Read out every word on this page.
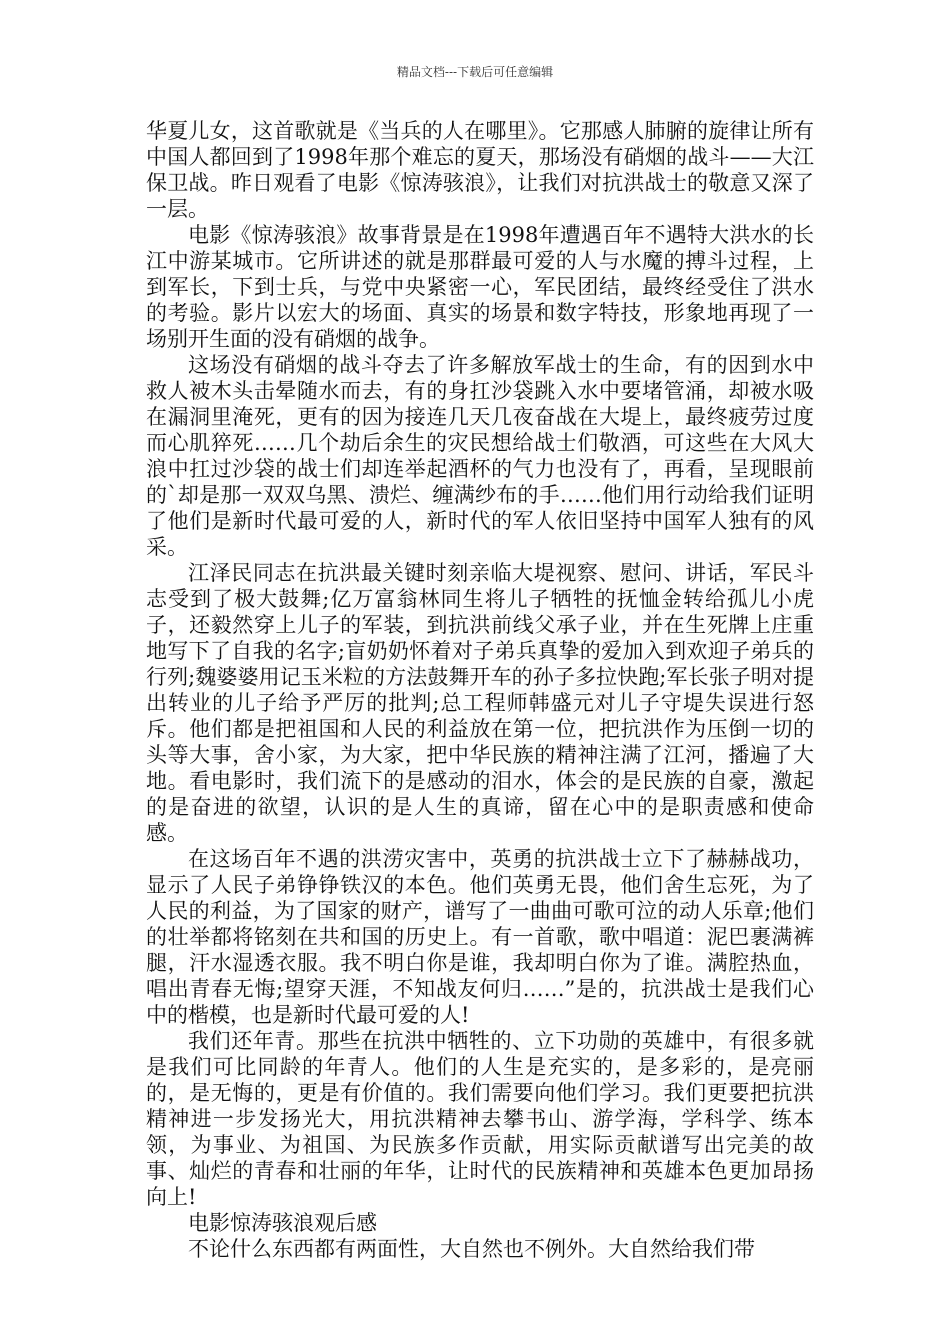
精品文档---下载后可任意编辑

华夏儿女，这首歌就是《当兵的人在哪里》。它那感人肺腑的旋律让所有中国人都回到了1998年那个难忘的夏天，那场没有硝烟的战斗——大江保卫战。昨日观看了电影《惊涛骇浪》，让我们对抗洪战士的敬意又深了一层。

电影《惊涛骇浪》故事背景是在1998年遭遇百年不遇特大洪水的长江中游某城市。它所讲述的就是那群最可爱的人与水魔的搏斗过程，上到军长，下到士兵，与党中央紧密一心，军民团结，最终经受住了洪水的考验。影片以宏大的场面、真实的场景和数字特技，形象地再现了一场别开生面的没有硝烟的战争。

这场没有硝烟的战斗夺去了许多解放军战士的生命，有的因到水中救人被木头击晕随水而去，有的身扛沙袋跳入水中要堵管涌，却被水吸在漏洞里淹死，更有的因为接连几天几夜奋战在大堤上，最终疲劳过度而心肌猝死……几个劫后余生的灾民想给战士们敬酒，可这些在大风大浪中扛过沙袋的战士们却连举起酒杯的气力也没有了，再看，呈现眼前的`却是那一双双乌黑、溃烂、缠满纱布的手……他们用行动给我们证明了他们是新时代最可爱的人，新时代的军人依旧坚持中国军人独有的风采。

江泽民同志在抗洪最关键时刻亲临大堤视察、慰问、讲话，军民斗志受到了极大鼓舞;亿万富翁林同生将儿子牺牲的抚恤金转给孤儿小虎子，还毅然穿上儿子的军装，到抗洪前线父承子业，并在生死牌上庄重地写下了自我的名字;盲奶奶怀着对子弟兵真挚的爱加入到欢迎子弟兵的行列;魏婆婆用记玉米粒的方法鼓舞开车的孙子多拉快跑;军长张子明对提出转业的儿子给予严厉的批判;总工程师韩盛元对儿子守堤失误进行怒斥。他们都是把祖国和人民的利益放在第一位，把抗洪作为压倒一切的头等大事，舍小家，为大家，把中华民族的精神注满了江河，播遍了大地。看电影时，我们流下的是感动的泪水，体会的是民族的自豪，激起的是奋进的欲望，认识的是人生的真谛，留在心中的是职责感和使命感。

在这场百年不遇的洪涝灾害中，英勇的抗洪战士立下了赫赫战功，显示了人民子弟铮铮铁汉的本色。他们英勇无畏，他们舍生忘死，为了人民的利益，为了国家的财产，谱写了一曲曲可歌可泣的动人乐章;他们的壮举都将铭刻在共和国的历史上。有一首歌，歌中唱道：泥巴裹满裤腿，汗水湿透衣服。我不明白你是谁，我却明白你为了谁。满腔热血，唱出青春无悔;望穿天涯，不知战友何归……”是的，抗洪战士是我们心中的楷模，也是新时代最可爱的人!

我们还年青。那些在抗洪中牺牲的、立下功勋的英雄中，有很多就是我们可比同龄的年青人。他们的人生是充实的，是多彩的，是亮丽的，是无悔的，更是有价值的。我们需要向他们学习。我们更要把抗洪精神进一步发扬光大，用抗洪精神去攀书山、游学海，学科学、练本领，为事业、为祖国、为民族多作贡献，用实际贡献谱写出完美的故事、灿烂的青春和壮丽的年华，让时代的民族精神和英雄本色更加昂扬向上!

电影惊涛骇浪观后感

不论什么东西都有两面性，大自然也不例外。大自然给我们带
